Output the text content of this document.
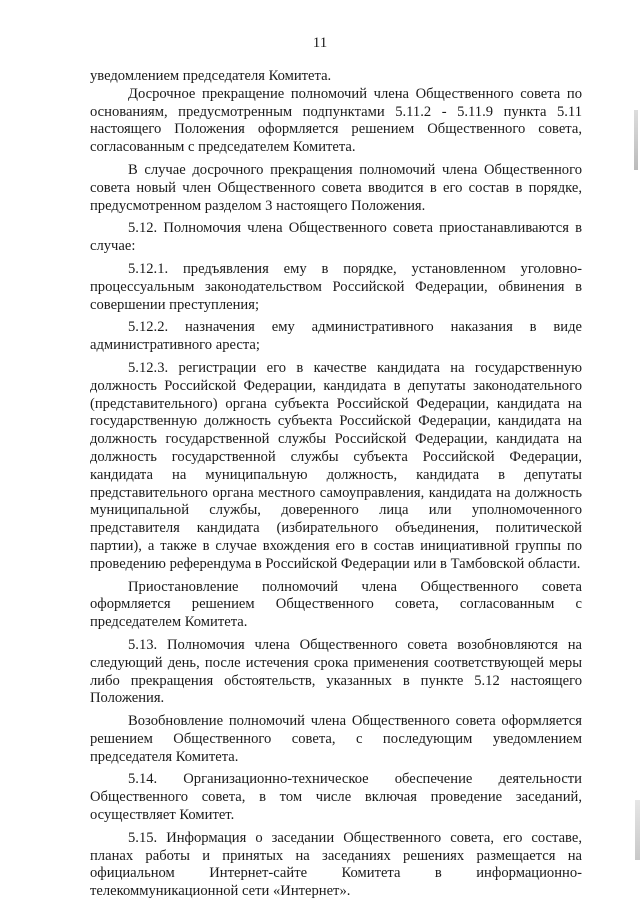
11

уведомлением председателя Комитета.

Досрочное прекращение полномочий члена Общественного совета по основаниям, предусмотренным подпунктами 5.11.2 - 5.11.9 пункта 5.11 настоящего Положения оформляется решением Общественного совета, согласованным с председателем Комитета.

В случае досрочного прекращения полномочий члена Общественного совета новый член Общественного совета вводится в его состав в порядке, предусмотренном разделом 3 настоящего Положения.

5.12. Полномочия члена Общественного совета приостанавливаются в случае:

5.12.1. предъявления ему в порядке, установленном уголовно-процессуальным законодательством Российской Федерации, обвинения в совершении преступления;

5.12.2. назначения ему административного наказания в виде административного ареста;

5.12.3. регистрации его в качестве кандидата на государственную должность Российской Федерации, кандидата в депутаты законодательного (представительного) органа субъекта Российской Федерации, кандидата на государственную должность субъекта Российской Федерации, кандидата на должность государственной службы Российской Федерации, кандидата на должность государственной службы субъекта Российской Федерации, кандидата на муниципальную должность, кандидата в депутаты представительного органа местного самоуправления, кандидата на должность муниципальной службы, доверенного лица или уполномоченного представителя кандидата (избирательного объединения, политической партии), а также в случае вхождения его в состав инициативной группы по проведению референдума в Российской Федерации или в Тамбовской области.

Приостановление полномочий члена Общественного совета оформляется решением Общественного совета, согласованным с председателем Комитета.

5.13. Полномочия члена Общественного совета возобновляются на следующий день, после истечения срока применения соответствующей меры либо прекращения обстоятельств, указанных в пункте 5.12 настоящего Положения.

Возобновление полномочий члена Общественного совета оформляется решением Общественного совета, с последующим уведомлением председателя Комитета.

5.14. Организационно-техническое обеспечение деятельности Общественного совета, в том числе включая проведение заседаний, осуществляет Комитет.

5.15. Информация о заседании Общественного совета, его составе, планах работы и принятых на заседаниях решениях размещается на официальном Интернет-сайте Комитета в информационно-телекоммуникационной сети «Интернет».
